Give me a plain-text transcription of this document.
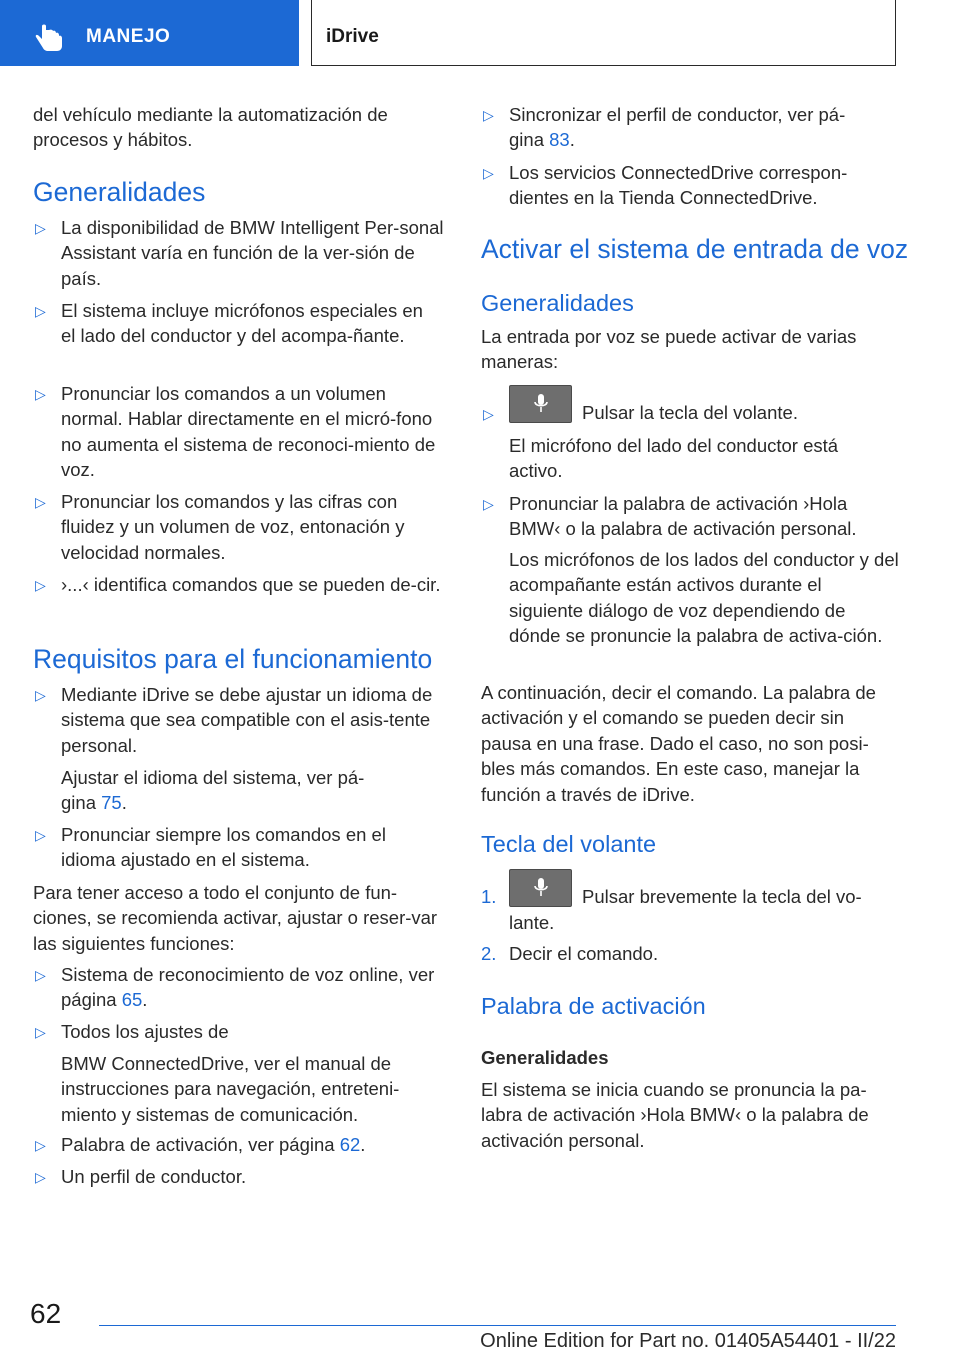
MANEJO	iDrive
del vehículo mediante la automatización de procesos y hábitos.
Generalidades
▷ La disponibilidad de BMW Intelligent Per-sonal Assistant varía en función de la ver-sión de país.
▷ El sistema incluye micrófonos especiales en el lado del conductor y del acompa-ñante.
▷ Pronunciar los comandos a un volumen normal. Hablar directamente en el micró-fono no aumenta el sistema de reconoci-miento de voz.
▷ Pronunciar los comandos y las cifras con fluidez y un volumen de voz, entonación y velocidad normales.
▷ ›...‹ identifica comandos que se pueden de-cir.
Requisitos para el funcionamiento
▷ Mediante iDrive se debe ajustar un idioma de sistema que sea compatible con el asis-tente personal.
Ajustar el idioma del sistema, ver pá-gina 75.
▷ Pronunciar siempre los comandos en el idioma ajustado en el sistema.
Para tener acceso a todo el conjunto de fun-ciones, se recomienda activar, ajustar o reser-var las siguientes funciones:
▷ Sistema de reconocimiento de voz online, ver página 65.
▷ Todos los ajustes de
BMW ConnectedDrive, ver el manual de instrucciones para navegación, entreteni-miento y sistemas de comunicación.
▷ Palabra de activación, ver página 62.
▷ Un perfil de conductor.
▷ Sincronizar el perfil de conductor, ver pá-gina 83.
▷ Los servicios ConnectedDrive correspon-dientes en la Tienda ConnectedDrive.
Activar el sistema de entrada de voz
Generalidades
La entrada por voz se puede activar de varias maneras:
▷	Pulsar la tecla del volante.
El micrófono del lado del conductor está activo.
▷ Pronunciar la palabra de activación ›Hola BMW‹ o la palabra de activación personal.
Los micrófonos de los lados del conductor y del acompañante están activos durante el siguiente diálogo de voz dependiendo de dónde se pronuncie la palabra de activa-ción.
A continuación, decir el comando. La palabra de activación y el comando se pueden decir sin pausa en una frase. Dado el caso, no son posi-bles más comandos. En este caso, manejar la función a través de iDrive.
Tecla del volante
1.	Pulsar brevemente la tecla del vo-
lante.
2. Decir el comando.
Palabra de activación
Generalidades
El sistema se inicia cuando se pronuncia la pa-labra de activación ›Hola BMW‹ o la palabra de activación personal.
62
Online Edition for Part no. 01405A54401 - II/22
